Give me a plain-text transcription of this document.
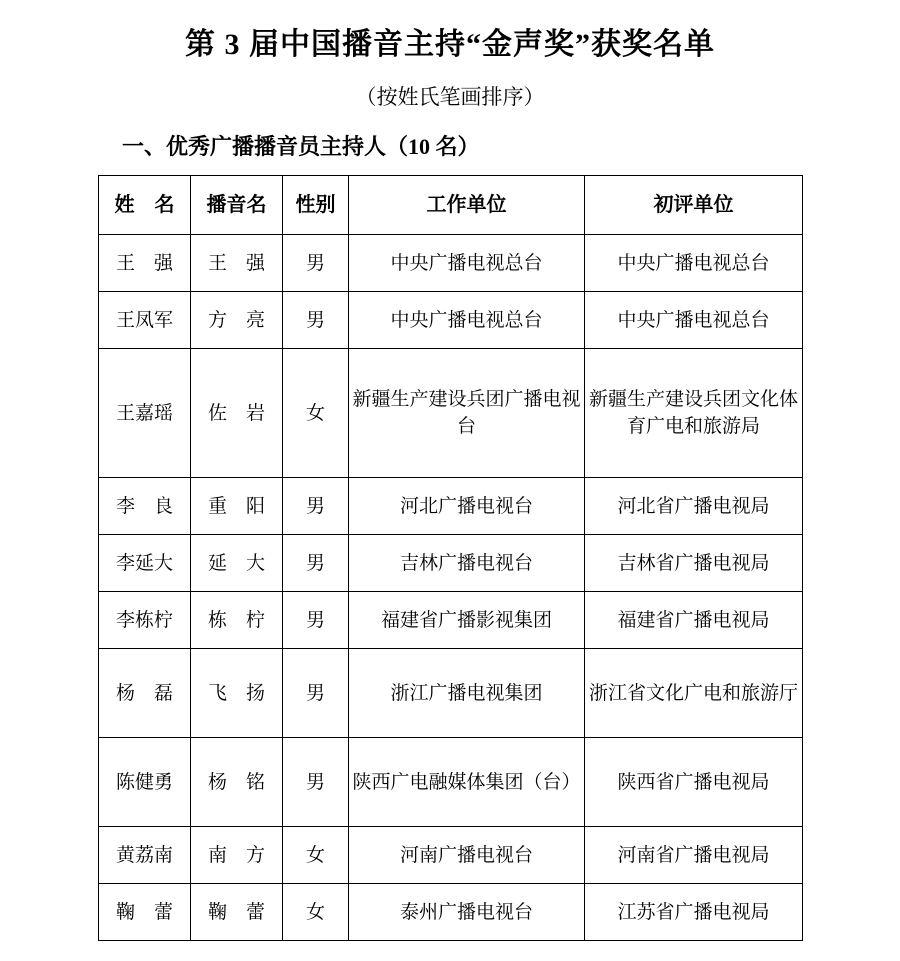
第 3 届中国播音主持“金声奖”获奖名单
（按姓氏笔画排序）
一、优秀广播播音员主持人（10 名）
姓　名	播音名	性别	工作单位	初评单位
王　强	王　强	男	中央广播电视总台	中央广播电视总台
王凤军	方　亮	男	中央广播电视总台	中央广播电视总台
王嘉瑶	佐　岩	女	新疆生产建设兵团广播电视台	新疆生产建设兵团文化体育广电和旅游局
李　良	重　阳	男	河北广播电视台	河北省广播电视局
李延大	延　大	男	吉林广播电视台	吉林省广播电视局
李栋柠	栋　柠	男	福建省广播影视集团	福建省广播电视局
杨　磊	飞　扬	男	浙江广播电视集团	浙江省文化广电和旅游厅
陈健勇	杨　铭	男	陕西广电融媒体集团（台）	陕西省广播电视局
黄荔南	南　方	女	河南广播电视台	河南省广播电视局
鞠　蕾	鞠　蕾	女	泰州广播电视台	江苏省广播电视局
